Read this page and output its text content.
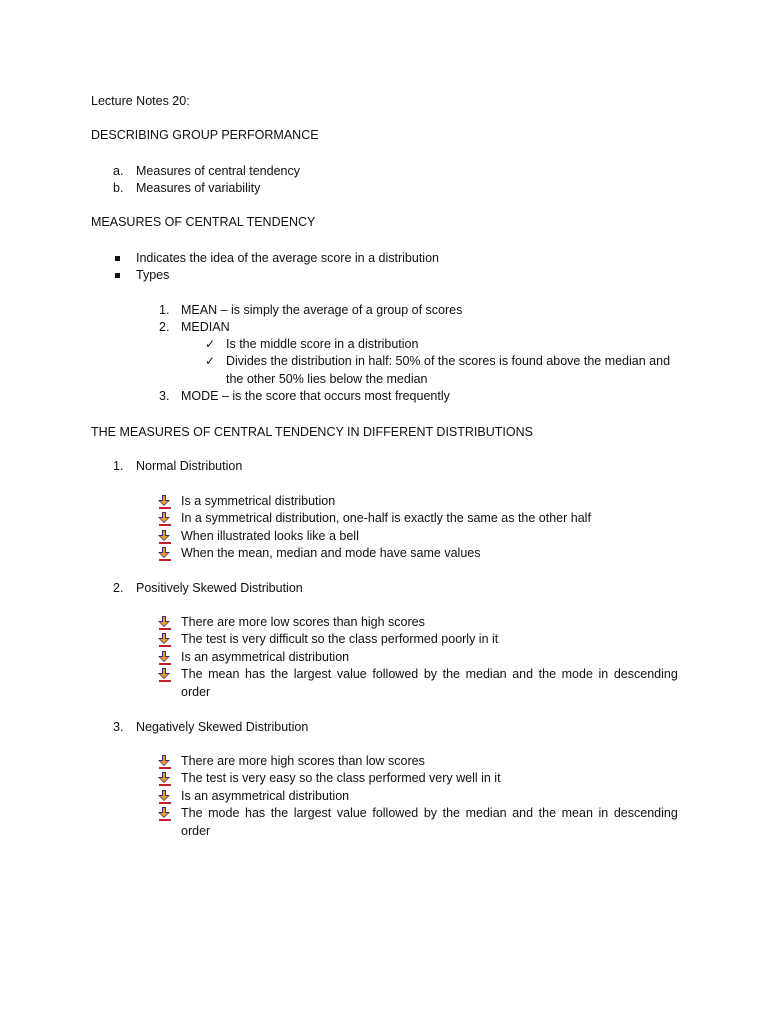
Lecture Notes 20:
DESCRIBING GROUP PERFORMANCE
a. Measures of central tendency
b. Measures of variability
MEASURES OF CENTRAL TENDENCY
Indicates the idea of the average score in a distribution
Types
1. MEAN – is simply the average of a group of scores
2. MEDIAN
✓ Is the middle score in a distribution
✓ Divides the distribution in half: 50% of the scores is found above the median and
the other 50% lies below the median
3. MODE – is the score that occurs most frequently
THE MEASURES OF CENTRAL TENDENCY IN DIFFERENT DISTRIBUTIONS
1. Normal Distribution
Is a symmetrical distribution
In a symmetrical distribution, one-half is exactly the same as the other half
When illustrated looks like a bell
When the mean, median and mode have same values
2. Positively Skewed Distribution
There are more low scores than high scores
The test is very difficult so the class performed poorly in it
Is an asymmetrical distribution
The mean has the largest value followed by the median and the mode in descending
order
3. Negatively Skewed Distribution
There are more high scores than low scores
The test is very easy so the class performed very well in it
Is an asymmetrical distribution
The mode has the largest value followed by the median and the mean in descending
order
